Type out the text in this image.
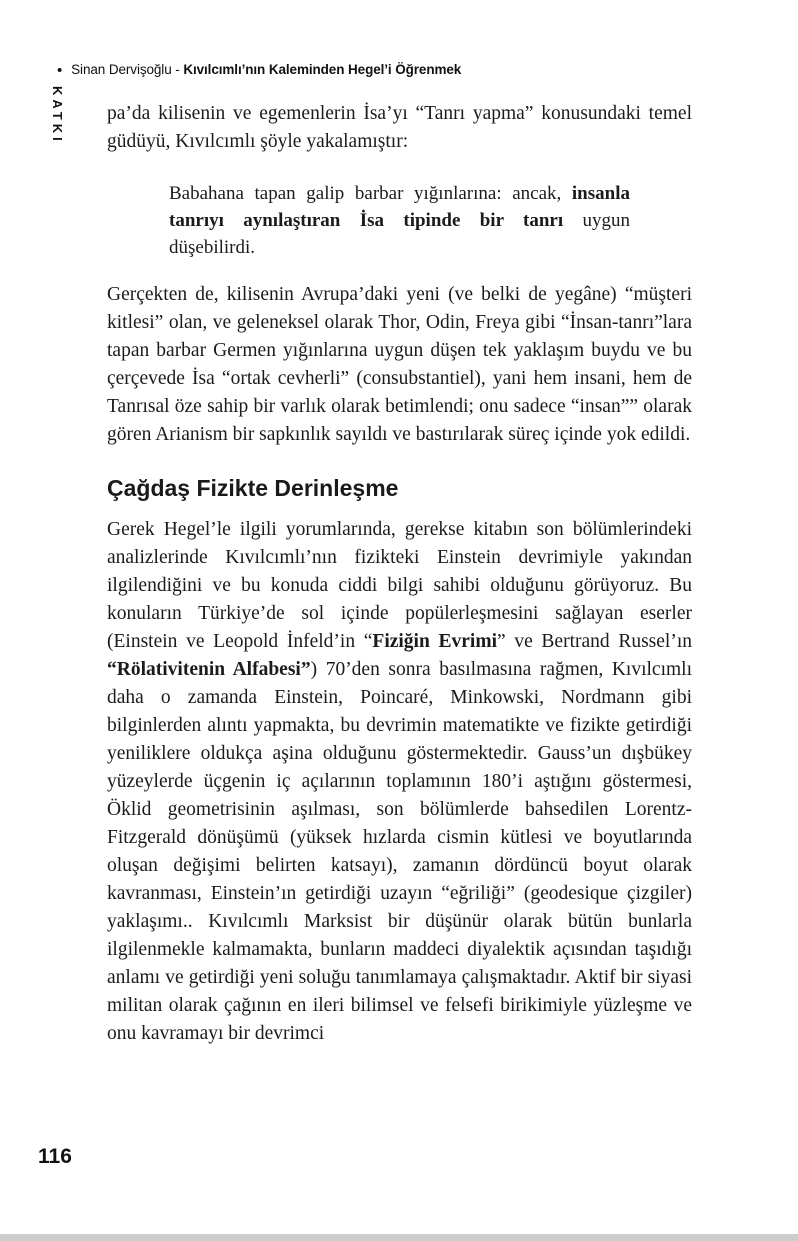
• Sinan Dervişoğlu - Kıvılcımlı’nın Kaleminden Hegel’i Öğrenmek
KATKI pa’da kilisenin ve egemenlerin İsa’yı “Tanrı yapma” konusundaki temel güdüyü, Kıvılcımlı şöyle yakalamıştır:

Babahana tapan galip barbar yığınlarına: ancak, insanla tanrıyı aynılaştıran İsa tipinde bir tanrı uygun düşebilirdi.

Gerçekten de, kilisenin Avrupa’daki yeni (ve belki de yegâne) “müşteri kitlesi” olan, ve geleneksel olarak Thor, Odin, Freya gibi “İnsan-tanrı”lara tapan barbar Germen yığınlarına uygun düşen tek yaklaşım buydu ve bu çerçevede İsa “ortak cevherli” (consubstantiel), yani hem insani, hem de Tanrısal öze sahip bir varlık olarak betimlendi; onu sadece “insan”” olarak gören Arianism bir sapkınlık sayıldı ve bastırılarak süreç içinde yok edildi.

Çağdaş Fizikte Derinleşme

Gerek Hegel’le ilgili yorumlarında, gerekse kitabın son bölümlerindeki analizlerinde Kıvılcımlı’nın fizikteki Einstein devrimiyle yakından ilgilendiğini ve bu konuda ciddi bilgi sahibi olduğunu görüyoruz. Bu konuların Türkiye’de sol içinde popülerleşmesini sağlayan eserler (Einstein ve Leopold İnfeld’in “Fiziğin Evrimi” ve Bertrand Russel’ın “Rölativitenin Alfabesi”) 70’den sonra basılmasına rağmen, Kıvılcımlı daha o zamanda Einstein, Poincaré, Minkowski, Nordmann gibi bilginlerden alıntı yapmakta, bu devrimin matematikte ve fizikte getirdiği yeniliklere oldukça aşina olduğunu göstermektedir. Gauss’un dışbükey yüzeylerde üçgenin iç açılarının toplamının 180’i aştığını göstermesi, Öklid geometrisinin aşılması, son bölümlerde bahsedilen Lorentz-Fitzgerald dönüşümü (yüksek hızlarda cismin kütlesi ve boyutlarında oluşan değişimi belirten katsayı), zamanın dördüncü boyut olarak kavranması, Einstein’ın getirdiği uzayın “eğriliği” (geodesique çizgiler) yaklaşımı.. Kıvılcımlı Marksist bir düşünür olarak bütün bunlarla ilgilenmekle kalmamakta, bunların maddeci diyalektik açısından taşıdığı anlamı ve getirdiği yeni soluğu tanımlamaya çalışmaktadır. Aktif bir siyasi militan olarak çağının en ileri bilimsel ve felsefi birikimiyle yüzleşme ve onu kavramayı bir devrimci

116
